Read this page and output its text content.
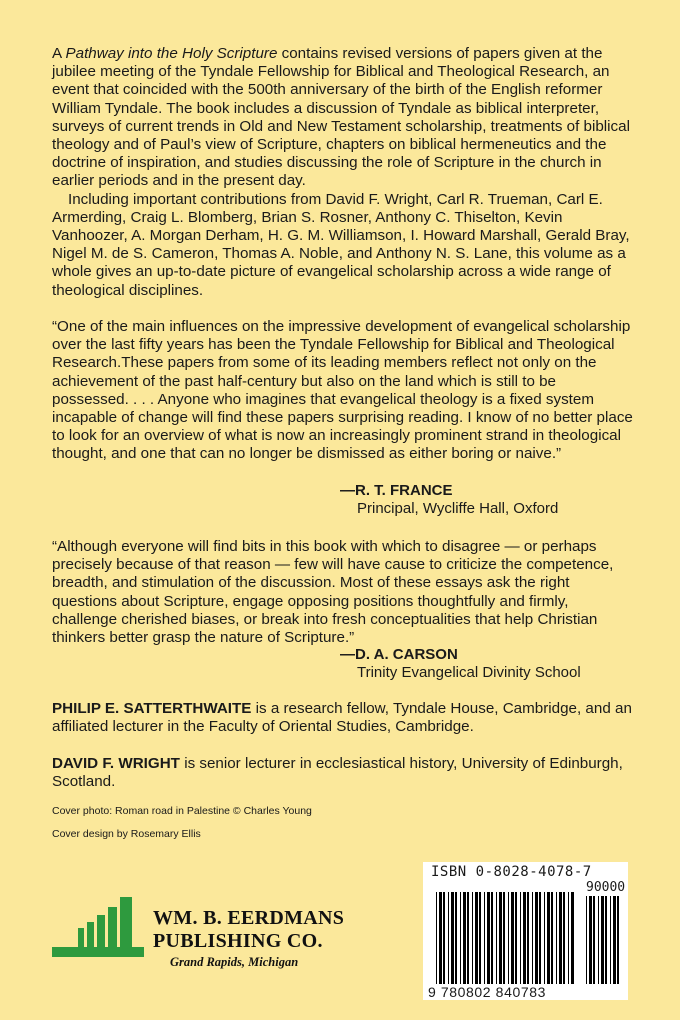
A Pathway into the Holy Scripture contains revised versions of papers given at the jubilee meeting of the Tyndale Fellowship for Biblical and Theological Research, an event that coincided with the 500th anniversary of the birth of the English reformer William Tyndale. The book includes a discussion of Tyndale as biblical interpreter, surveys of current trends in Old and New Testament scholarship, treatments of biblical theology and of Paul’s view of Scripture, chapters on biblical hermeneutics and the doctrine of inspiration, and studies discussing the role of Scripture in the church in earlier periods and in the present day.

Including important contributions from David F. Wright, Carl R. Trueman, Carl E. Armerding, Craig L. Blomberg, Brian S. Rosner, Anthony C. Thiselton, Kevin Vanhoozer, A. Morgan Derham, H. G. M. Williamson, I. Howard Marshall, Gerald Bray, Nigel M. de S. Cameron, Thomas A. Noble, and Anthony N. S. Lane, this volume as a whole gives an up-to-date picture of evangelical scholarship across a wide range of theological disciplines.

“One of the main influences on the impressive development of evangelical scholarship over the last fifty years has been the Tyndale Fellowship for Biblical and Theological Research.These papers from some of its leading members reflect not only on the achievement of the past half-century but also on the land which is still to be possessed. . . . Anyone who imagines that evangelical theology is a fixed system incapable of change will find these papers surprising reading. I know of no better place to look for an overview of what is now an increasingly prominent strand in theological thought, and one that can no longer be dismissed as either boring or naive.”
—R. T. FRANCE
Principal, Wycliffe Hall, Oxford
“Although everyone will find bits in this book with which to disagree — or perhaps precisely because of that reason — few will have cause to criticize the competence, breadth, and stimulation of the discussion. Most of these essays ask the right questions about Scripture, engage opposing positions thoughtfully and firmly, challenge cherished biases, or break into fresh conceptualities that help Christian thinkers better grasp the nature of Scripture.”
—D. A. CARSON
Trinity Evangelical Divinity School
PHILIP E. SATTERTHWAITE is a research fellow, Tyndale House, Cambridge, and an affiliated lecturer in the Faculty of Oriental Studies, Cambridge.
DAVID F. WRIGHT is senior lecturer in ecclesiastical history, University of Edinburgh, Scotland.
Cover photo: Roman road in Palestine © Charles Young
Cover design by Rosemary Ellis
WM. B. EERDMANS
PUBLISHING CO.
Grand Rapids, Michigan
ISBN 0-8028-4078-7
90000
9 780802 840783
